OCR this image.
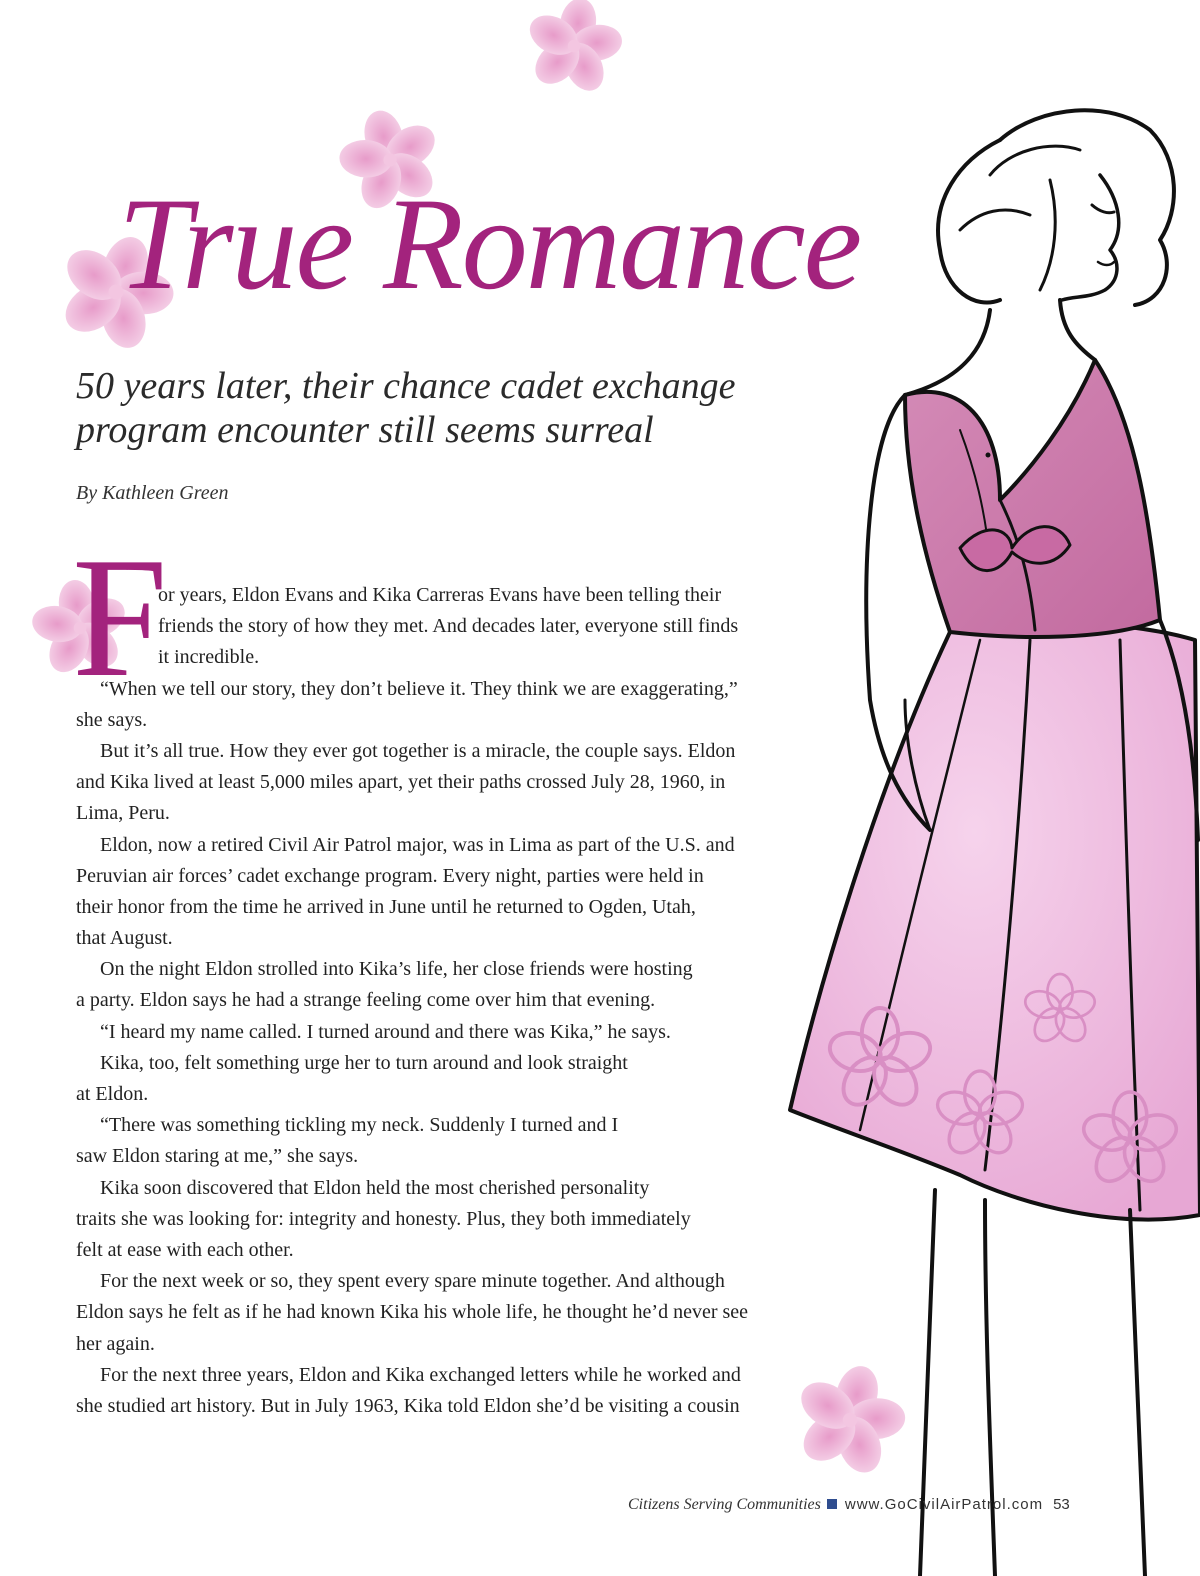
True Romance
50 years later, their chance cadet exchange
program encounter still seems surreal

By Kathleen Green

F
or years, Eldon Evans and Kika Carreras Evans have been telling their
friends the story of how they met. And decades later, everyone still finds
it incredible.
“When we tell our story, they don’t believe it. They think we are exaggerating,”
she says.
But it’s all true. How they ever got together is a miracle, the couple says. Eldon
and Kika lived at least 5,000 miles apart, yet their paths crossed July 28, 1960, in
Lima, Peru.
Eldon, now a retired Civil Air Patrol major, was in Lima as part of the U.S. and
Peruvian air forces’ cadet exchange program. Every night, parties were held in
their honor from the time he arrived in June until he returned to Ogden, Utah,
that August.
On the night Eldon strolled into Kika’s life, her close friends were hosting
a party. Eldon says he had a strange feeling come over him that evening.
“I heard my name called. I turned around and there was Kika,” he says.
Kika, too, felt something urge her to turn around and look straight
at Eldon.
“There was something tickling my neck. Suddenly I turned and I
saw Eldon staring at me,” she says.
Kika soon discovered that Eldon held the most cherished personality
traits she was looking for: integrity and honesty. Plus, they both immediately
felt at ease with each other.
For the next week or so, they spent every spare minute together. And although
Eldon says he felt as if he had known Kika his whole life, he thought he’d never see
her again.
For the next three years, Eldon and Kika exchanged letters while he worked and
she studied art history. But in July 1963, Kika told Eldon she’d be visiting a cousin
Citizens Serving Communities www.GoCivilAirPatrol.com 53
